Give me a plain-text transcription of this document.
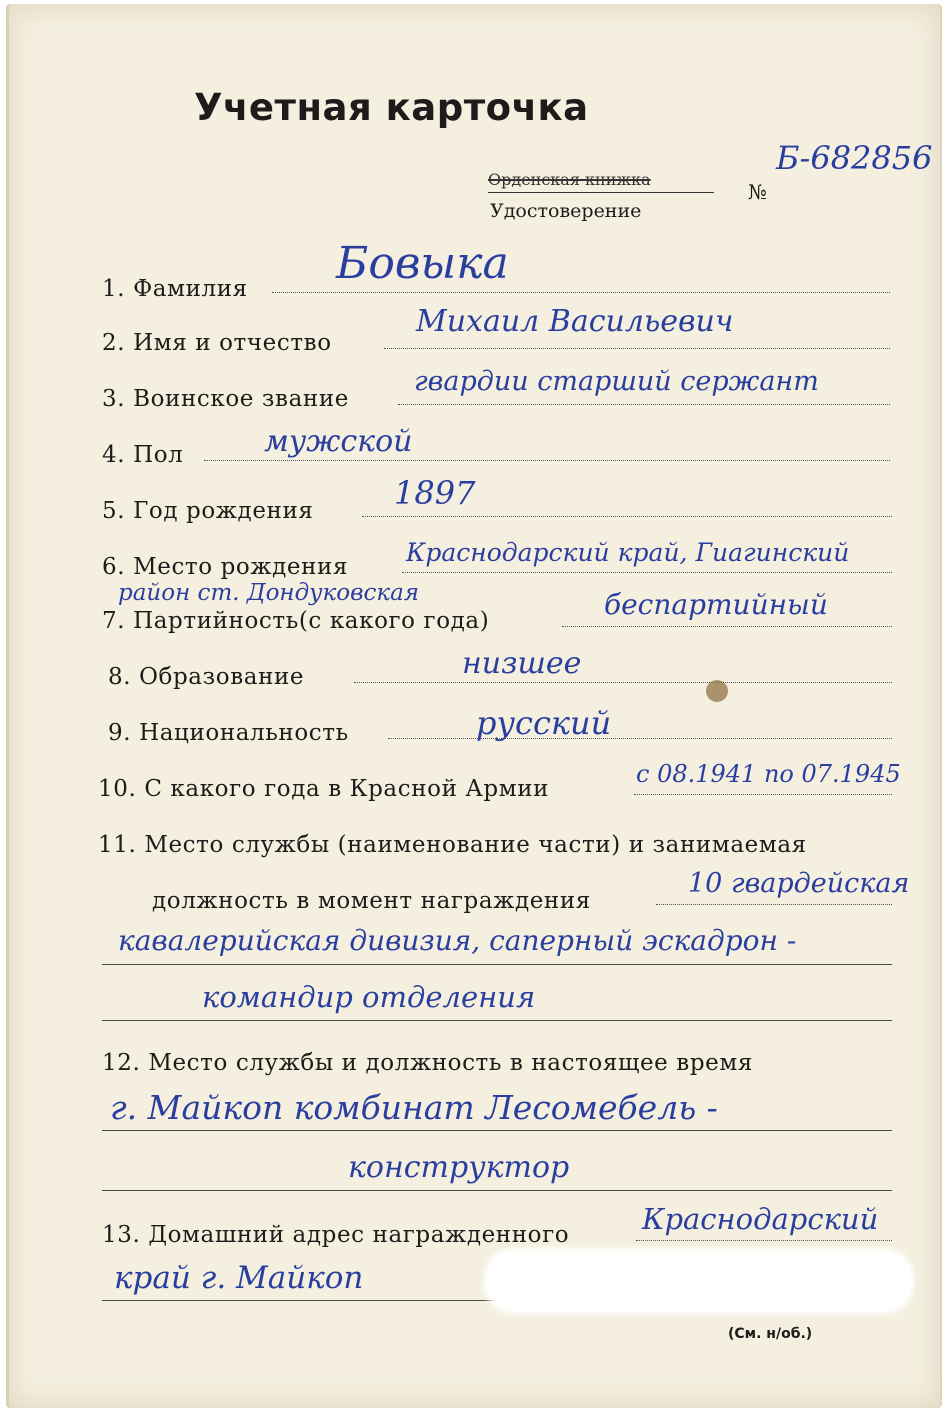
Учетная карточка
Орденская книжка
Удостоверение
№
Б-682856
1. Фамилия Бовыка
2. Имя и отчество
Михаил Васильевич
3. Воинское звание
гвардии старший сержант
4. Пол	мужской
5. Год рождения	1897
6. Место рождения Краснодарский край, Гиагинский
район ст. Дондуковская
7. Партийность(с какого года)	беспартийный
8. Образование	низшее
9. Национальность	русский
10. С какого года в Красной Армии
с 08.1941 по 07.1945
11. Место службы (наименование части) и занимаемая
должность в момент награждения
10 гвардейская
кавалерийская дивизия, саперный эскадрон -
командир отделения
12. Место службы и должность в настоящее время
г. Майкоп комбинат Лесомебель -
конструктор
13. Домашний адрес награжденного	Краснодарский
край г. Майкоп
(См. н/об.)
